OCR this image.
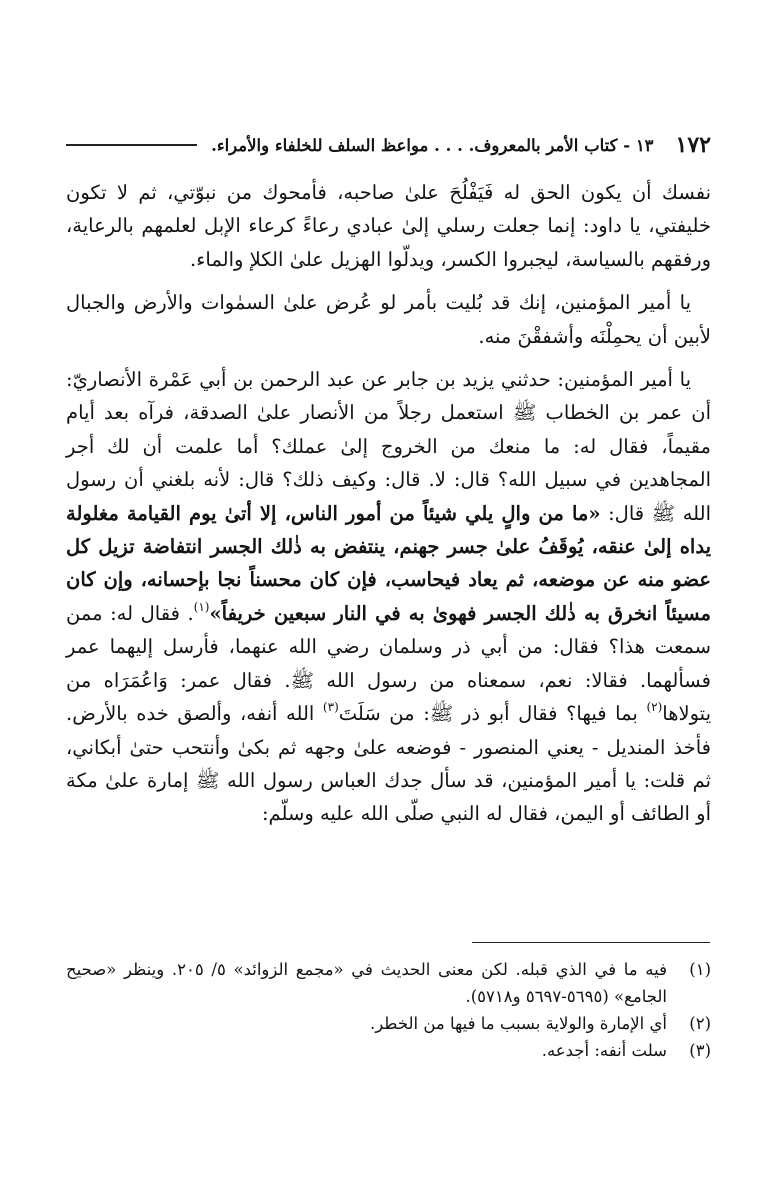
١٧٢
١٣ - كتاب الأمر بالمعروف. . . . مواعظ السلف للخلفاء والأمراء.

نفسك أن يكون الحق له فَيَفْلُحَ علىٰ صاحبه، فأمحوك من نبوّتي، ثم لا تكون خليفتي، يا داود: إنما جعلت رسلي إلىٰ عبادي رعاءً كرعاء الإبل لعلمهم بالرعاية، ورفقهم بالسياسة، ليجبروا الكسر، ويدلّوا الهزيل علىٰ الكلإ والماء.

يا أمير المؤمنين، إنك قد بُليت بأمر لو عُرض علىٰ السمٰوات والأرض والجبال لأبين أن يحمِلْنَه وأشفقْنَ منه.

يا أمير المؤمنين: حدثني يزيد بن جابر عن عبد الرحمن بن أبي عَمْرة الأنصاريّ: أن عمر بن الخطاب ﷺ استعمل رجلاً من الأنصار علىٰ الصدقة، فرآه بعد أيام مقيماً، فقال له: ما منعك من الخروج إلىٰ عملك؟ أما علمت أن لك أجر المجاهدين في سبيل الله؟ قال: لا. قال: وكيف ذلك؟ قال: لأنه بلغني أن رسول الله ﷺ قال: «ما من والٍ يلي شيئاً من أمور الناس، إلا أتىٰ يوم القيامة مغلولة يداه إلىٰ عنقه، يُوقَفُ علىٰ جسر جهنم، ينتفض به ذٰلك الجسر انتفاضة تزيل كل عضو منه عن موضعه، ثم يعاد فيحاسب، فإن كان محسناً نجا بإحسانه، وإن كان مسيئاً انخرق به ذٰلك الجسر فهوىٰ به في النار سبعين خريفاً»$^{(١)}$. فقال له: ممن سمعت هذا؟ فقال: من أبي ذر وسلمان رضي الله عنهما، فأرسل إليهما عمر فسألهما. فقالا: نعم، سمعناه من رسول الله ﷺ. فقال عمر: وَاعُمَرَاه من يتولاها$^{(٢)}$ بما فيها؟ فقال أبو ذر ﷺ: من سَلَتَ$^{(٣)}$ الله أنفه، وألصق خده بالأرض. فأخذ المنديل - يعني المنصور - فوضعه علىٰ وجهه ثم بكىٰ وأنتحب حتىٰ أبكاني، ثم قلت: يا أمير المؤمنين، قد سأل جدك العباس رسول الله ﷺ إمارة علىٰ مكة أو الطائف أو اليمن، فقال له النبي صلّى الله عليه وسلّم:

(١)
فيه ما في الذي قبله. لكن معنى الحديث في «مجمع الزوائد» ٥/ ٢٠٥. وينظر «صحيح الجامع» (٥٦٩٥-٥٦٩٧ و٥٧١٨).
(٢)
أي الإمارة والولاية بسبب ما فيها من الخطر.
(٣)
سلت أنفه: أجدعه.
